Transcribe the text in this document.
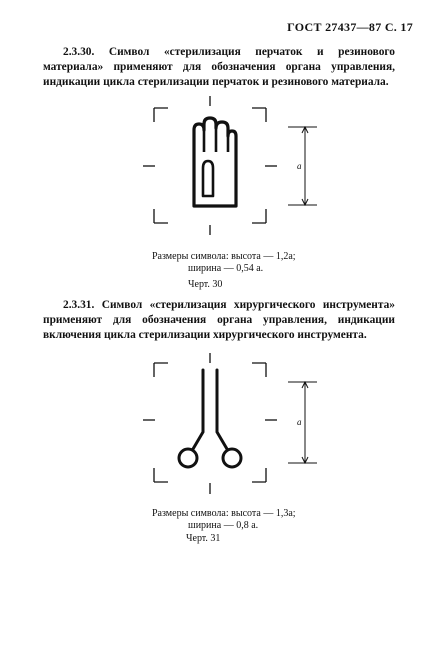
ГОСТ 27437—87 С. 17
2.3.30. Символ «стерилизация перчаток и резинового материала» применяют для обозначения органа управления, индикации цикла стерилизации перчаток и резинового материала.
a
a
Размеры символа: высота — 1,2a;
ширина — 0,54 a.
Черт. 30
2.3.31. Символ «стерилизация хирургического инструмента» применяют для обозначения органа управления, индикации включения цикла стерилизации хирургического инструмента.
Размеры символа: высота — 1,3a;
ширина — 0,8 a.
Черт. 31
